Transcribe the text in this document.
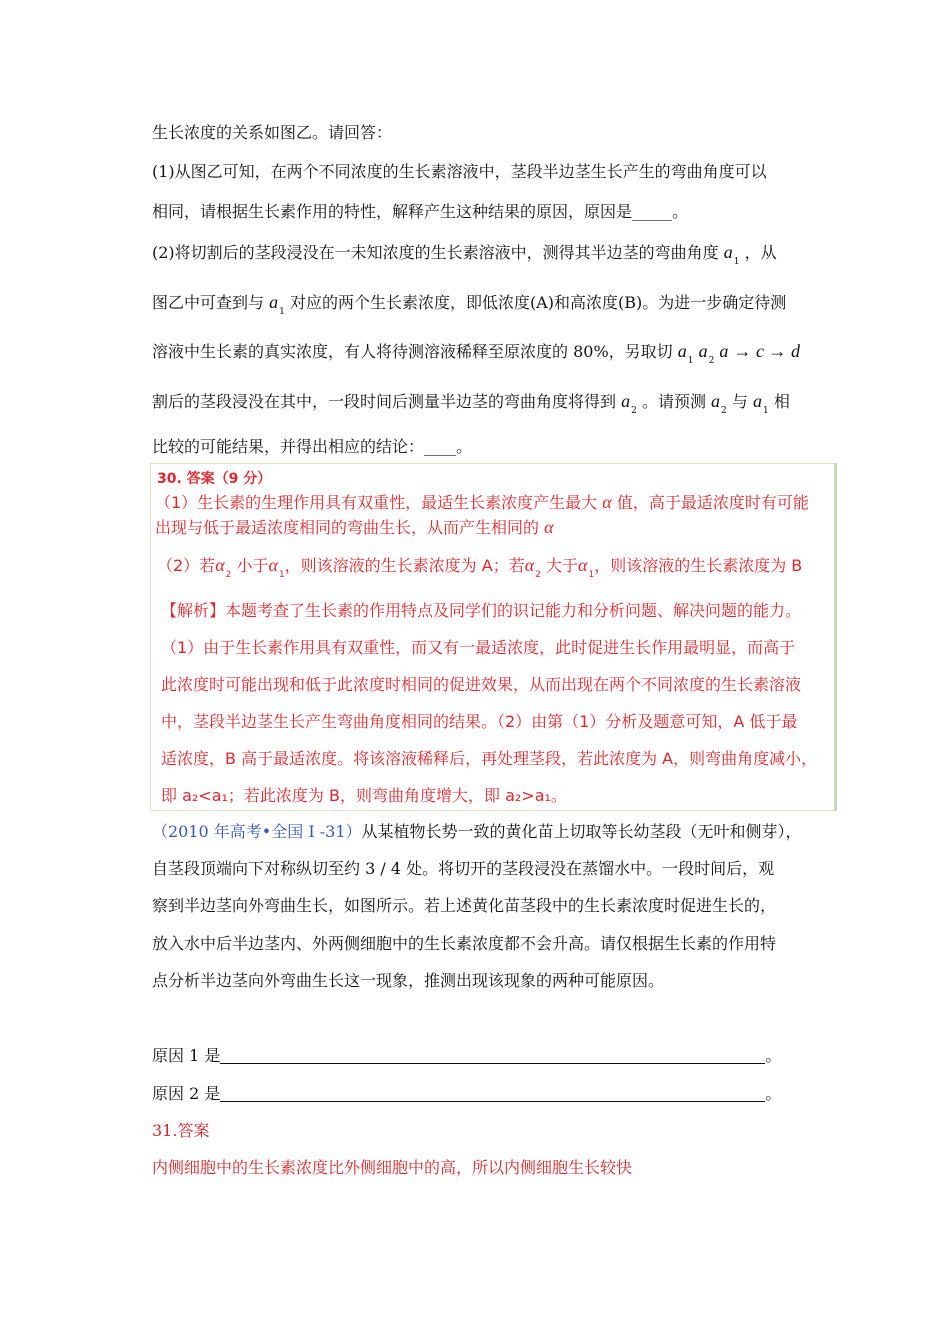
生长浓度的关系如图乙。请回答：
(1)从图乙可知，在两个不同浓度的生长素溶液中，茎段半边茎生长产生的弯曲角度可以
相同，请根据生长素作用的特性，解释产生这种结果的原因，原因是_____。
(2)将切割后的茎段浸没在一未知浓度的生长素溶液中，测得其半边茎的弯曲角度 $a_1$ ，从
图乙中可查到与 $a_1$ 对应的两个生长素浓度，即低浓度(A)和高浓度(B)。为进一步确定待测
溶液中生长素的真实浓度，有人将待测溶液稀释至原浓度的 80%，另取切 $a_1$ $a_2$ a → c → d
割后的茎段浸没在其中，一段时间后测量半边茎的弯曲角度将得到 $a_2$ 。请预测 $a_2$ 与 $a_1$ 相
比较的可能结果，并得出相应的结论：____。
30. 答案（9 分）
（1）生长素的生理作用具有双重性，最适生长素浓度产生最大 α 值，高于最适浓度时有可能
出现与低于最适浓度相同的弯曲生长，从而产生相同的 α
（2）若$\alpha_2$ 小于$\alpha_1$，则该溶液的生长素浓度为 A；若$\alpha_2$ 大于$\alpha_1$，则该溶液的生长素浓度为 B
【解析】本题考查了生长素的作用特点及同学们的识记能力和分析问题、解决问题的能力。
（1）由于生长素作用具有双重性，而又有一最适浓度，此时促进生长作用最明显，而高于
此浓度时可能出现和低于此浓度时相同的促进效果，从而出现在两个不同浓度的生长素溶液
中，茎段半边茎生长产生弯曲角度相同的结果。（2）由第（1）分析及题意可知，A 低于最
适浓度，B 高于最适浓度。将该溶液稀释后，再处理茎段，若此浓度为 A，则弯曲角度减小，
即 a₂<a₁；若此浓度为 B，则弯曲角度增大，即 a₂>a₁。
（2010 年高考•全国 I -31）从某植物长势一致的黄化苗上切取等长幼茎段（无叶和侧芽），
自茎段顶端向下对称纵切至约 3 / 4 处。将切开的茎段浸没在蒸馏水中。一段时间后，观
察到半边茎向外弯曲生长，如图所示。若上述黄化苗茎段中的生长素浓度时促进生长的，
放入水中后半边茎内、外两侧细胞中的生长素浓度都不会升高。请仅根据生长素的作用特
点分析半边茎向外弯曲生长这一现象，推测出现该现象的两种可能原因。
原因 1 是	。
原因 2 是	。
31.答案
内侧细胞中的生长素浓度比外侧细胞中的高，所以内侧细胞生长较快
